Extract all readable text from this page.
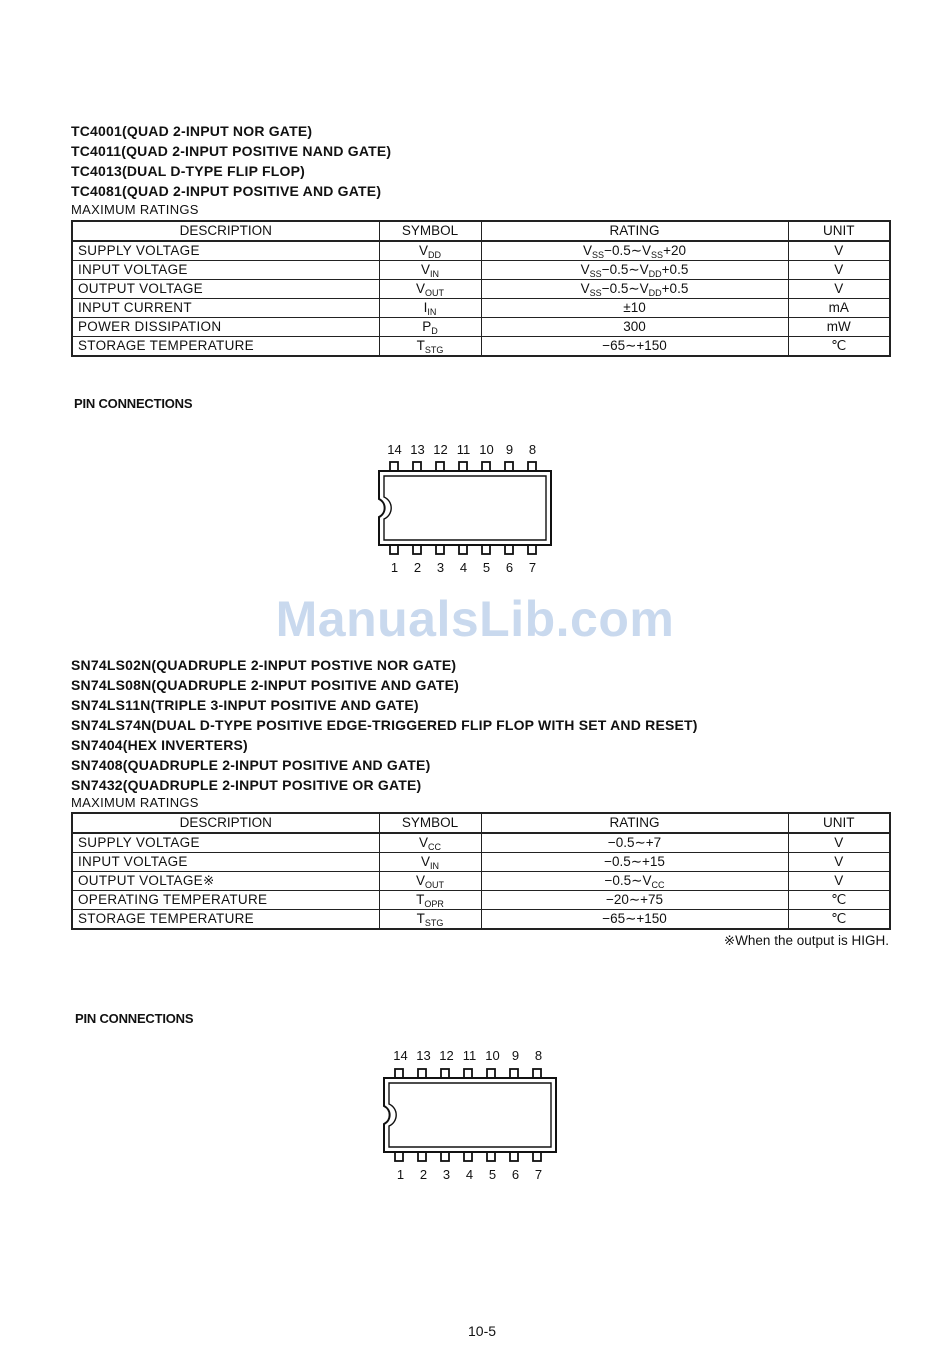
TC4001(QUAD 2-INPUT NOR GATE)
TC4011(QUAD 2-INPUT POSITIVE NAND GATE)
TC4013(DUAL D-TYPE FLIP FLOP)
TC4081(QUAD 2-INPUT POSITIVE AND GATE)
MAXIMUM RATINGS
DESCRIPTION	SYMBOL	RATING	UNIT
SUPPLY VOLTAGE	$V_{DD}$	$V_{SS}-0.5\sim V_{SS}+20$	V
INPUT VOLTAGE	$V_{IN}$	$V_{SS}-0.5\sim V_{DD}+0.5$	V
OUTPUT VOLTAGE	$V_{OUT}$	$V_{SS}-0.5\sim V_{DD}+0.5$	V
INPUT CURRENT	$I_{IN}$	±10	mA
POWER DISSIPATION	$P_D$	300	mW
STORAGE TEMPERATURE	$T_{STG}$	−65∼+150	℃
PIN CONNECTIONS
14 13 12 11 10 9	8
1	2	3	4	5	6	7
ManualsLib.com
SN74LS02N(QUADRUPLE 2-INPUT POSTIVE NOR GATE)
SN74LS08N(QUADRUPLE 2-INPUT POSITIVE AND GATE)
SN74LS11N(TRIPLE 3-INPUT POSITIVE AND GATE)
SN74LS74N(DUAL D-TYPE POSITIVE EDGE-TRIGGERED FLIP FLOP WITH SET AND RESET)
SN7404(HEX INVERTERS)
SN7408(QUADRUPLE 2-INPUT POSITIVE AND GATE)
SN7432(QUADRUPLE 2-INPUT POSITIVE OR GATE)
MAXIMUM RATINGS
DESCRIPTION	SYMBOL	RATING	UNIT
SUPPLY VOLTAGE	$V_{CC}$	−0.5∼+7	V
INPUT VOLTAGE	$V_{IN}$	−0.5∼+15	V
OUTPUT VOLTAGE※	$V_{OUT}$	$-0.5\sim V_{CC}$	V
OPERATING TEMPERATURE	$T_{OPR}$	−20∼+75	℃
STORAGE TEMPERATURE	$T_{STG}$	−65∼+150	℃
※When the output is HIGH.
PIN CONNECTIONS
14 13 12 11 10 9	8
1	2	3	4	5	6	7
10-5
